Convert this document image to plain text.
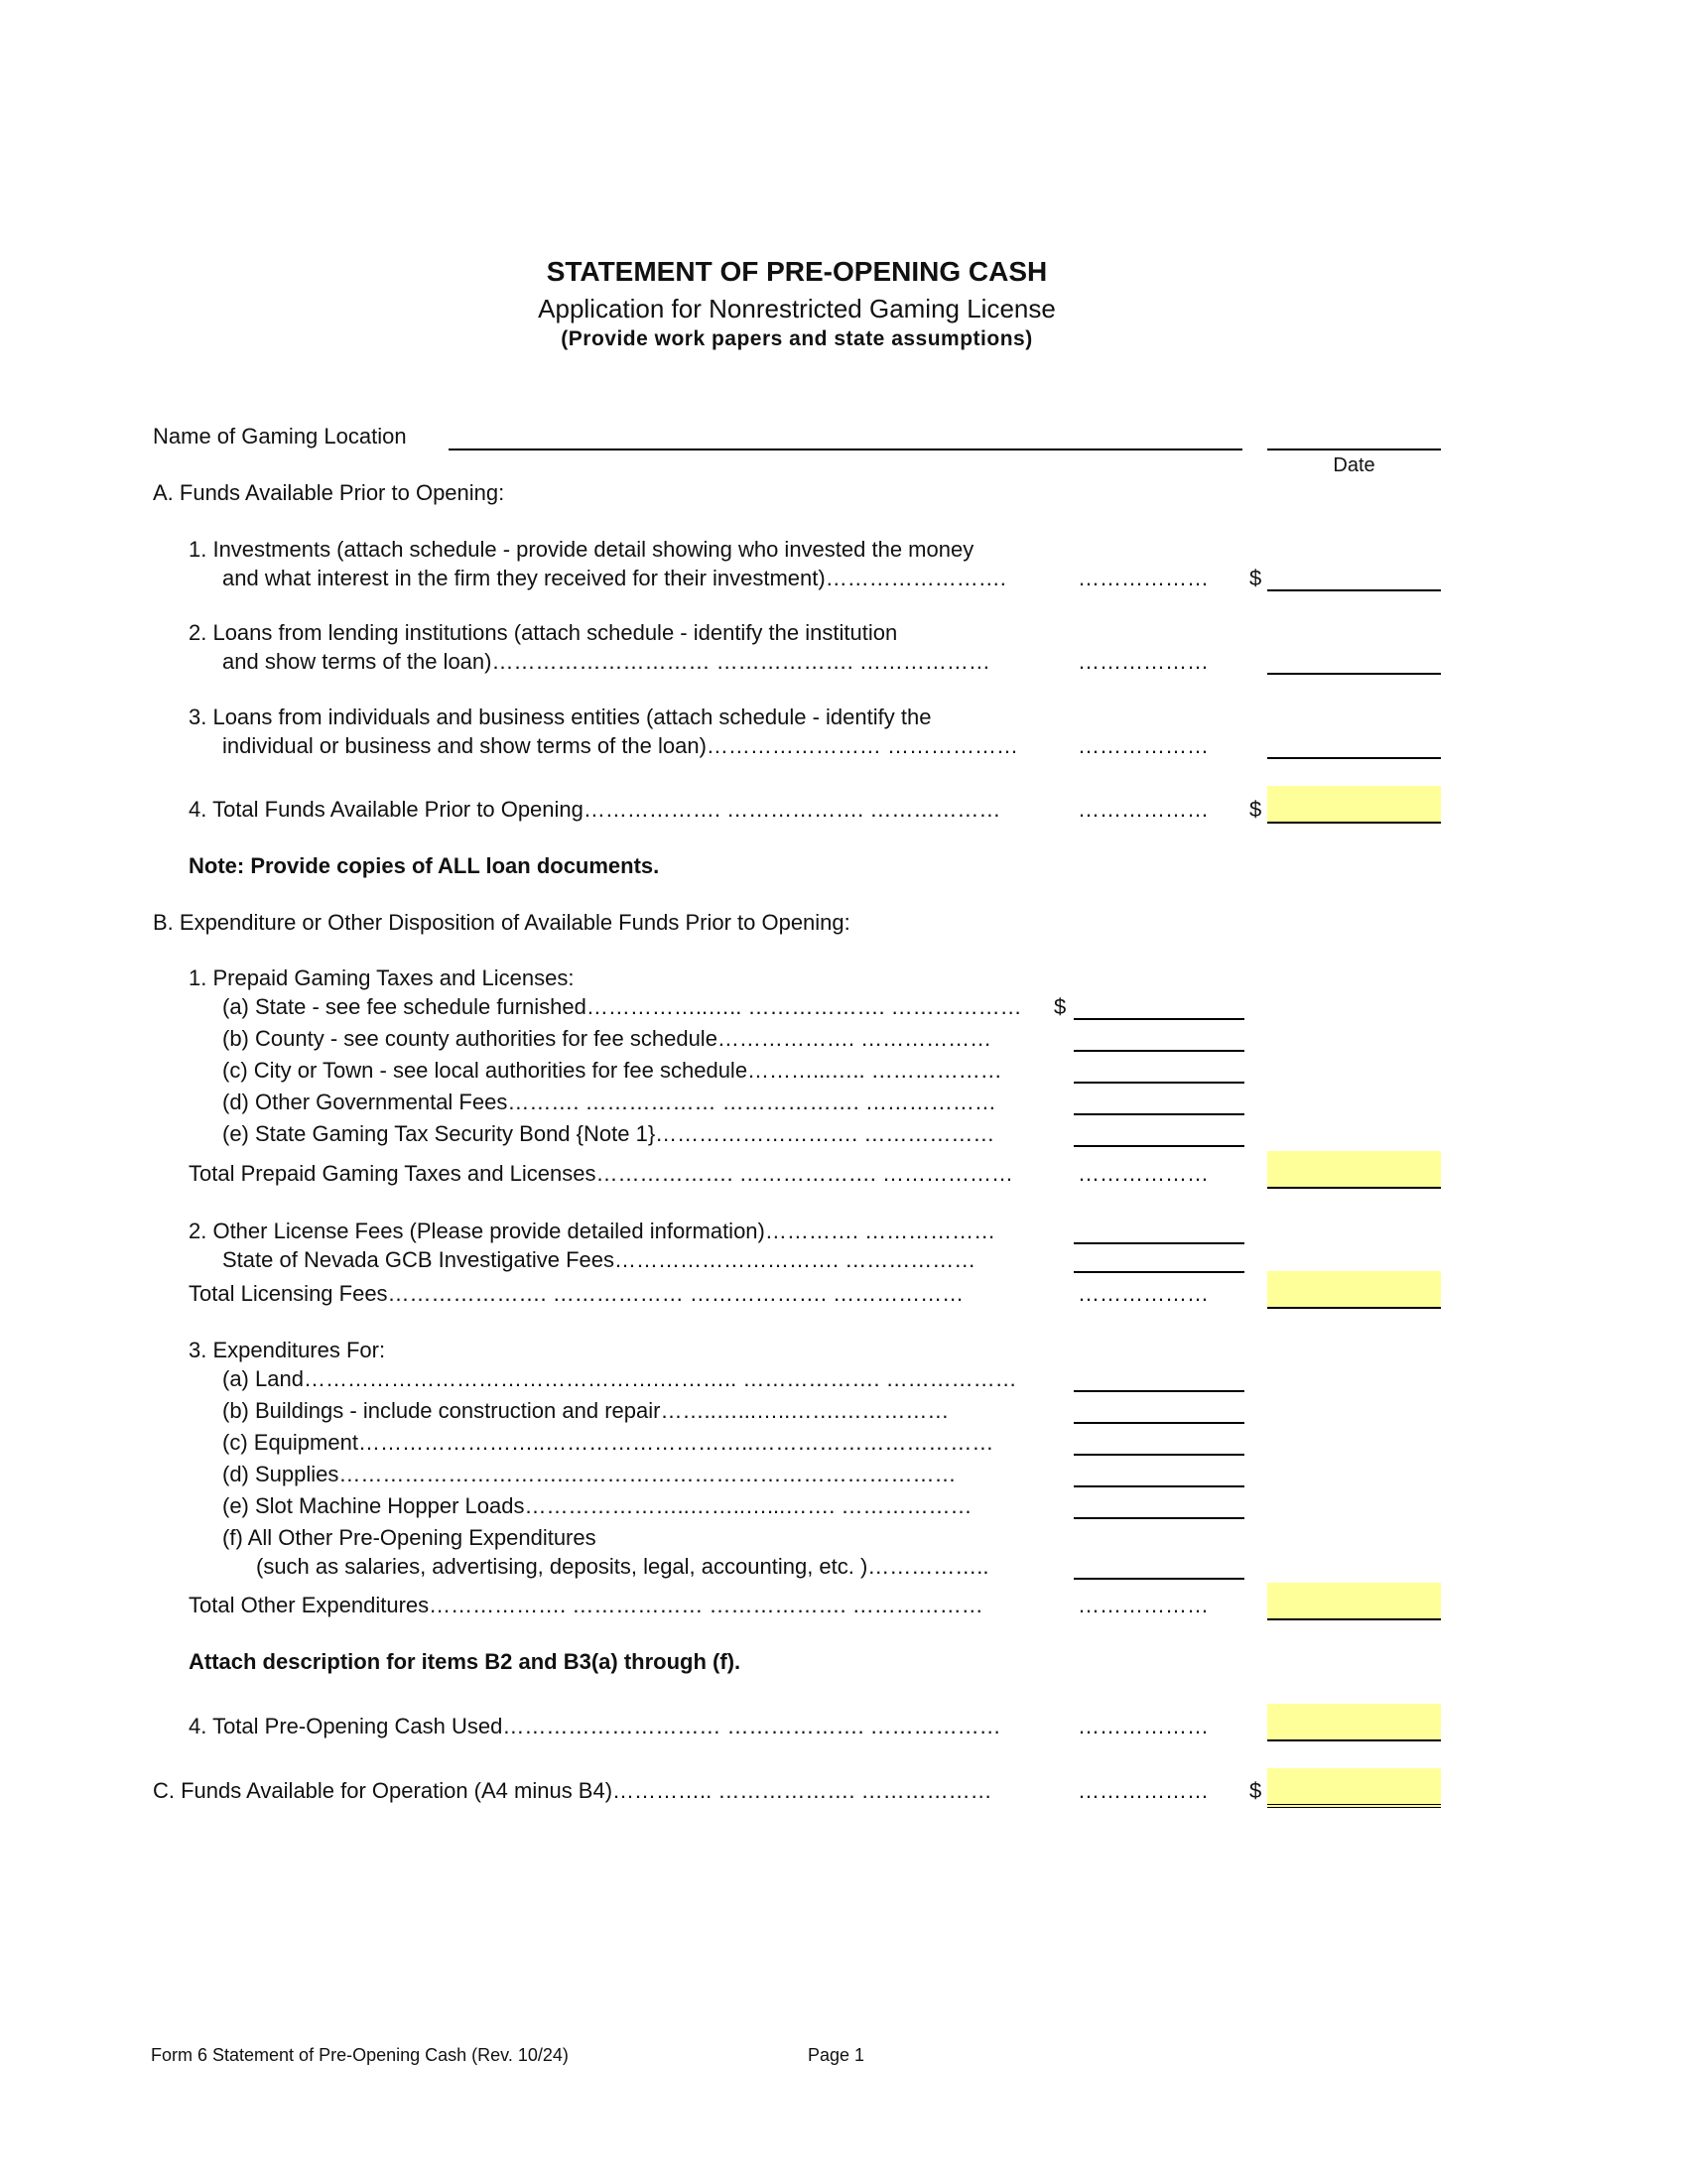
STATEMENT OF PRE-OPENING CASH
Application for Nonrestricted Gaming License
(Provide work papers and state assumptions)
Name of Gaming Location
Date
A. Funds Available Prior to Opening:
1. Investments (attach schedule - provide detail showing who invested the money
and what interest in the firm they received for their investment)…………………….	……………… $
2. Loans from lending institutions (attach schedule - identify the institution
and show terms of the loan)………………………… ………………. ………………	………………
3. Loans from individuals and business entities (attach schedule - identify the
individual or business and show terms of the loan)…………………… ………………	………………
4. Total Funds Available Prior to Opening………………. ………………. ………………	……………… $
Note: Provide copies of ALL loan documents.
B. Expenditure or Other Disposition of Available Funds Prior to Opening:
1. Prepaid Gaming Taxes and Licenses:
(a) State - see fee schedule furnished……………..….. ………………. ……………… $
(b) County - see county authorities for fee schedule………………. ………………
(c) City or Town - see local authorities for fee schedule………...….. ………………
(d) Other Governmental Fees………. ……………… ………………. ………………
(e) State Gaming Tax Security Bond {Note 1}………………………. ………………
Total Prepaid Gaming Taxes and Licenses………………. ………………. ………………	………………
2. Other License Fees (Please provide detailed information)…………. ………………
State of Nevada GCB Investigative Fees…………………………. ………………
Total Licensing Fees…………………. ……………… ………………. ………………	………………
3. Expenditures For:
(a) Land………………………………………….……….. ………………. ………………
(b) Buildings - include construction and repair……..…...…..…….……………
(c) Equipment……………………..………………………..……………………………
(d) Supplies………………………….………………………………………………
(e) Slot Machine Hopper Loads…………………..……..…...……. ………………
(f) All Other Pre-Opening Expenditures
(such as salaries, advertising, deposits, legal, accounting, etc. )……………..
Total Other Expenditures………………. ……………… ………………. ………………	………………
Attach description for items B2 and B3(a) through (f).
4. Total Pre-Opening Cash Used………………………… ………………. ………………	………………
C. Funds Available for Operation (A4 minus B4)………….. ………………. ………………	……………… $
Form 6 Statement of Pre-Opening Cash (Rev. 10/24)	Page 1
